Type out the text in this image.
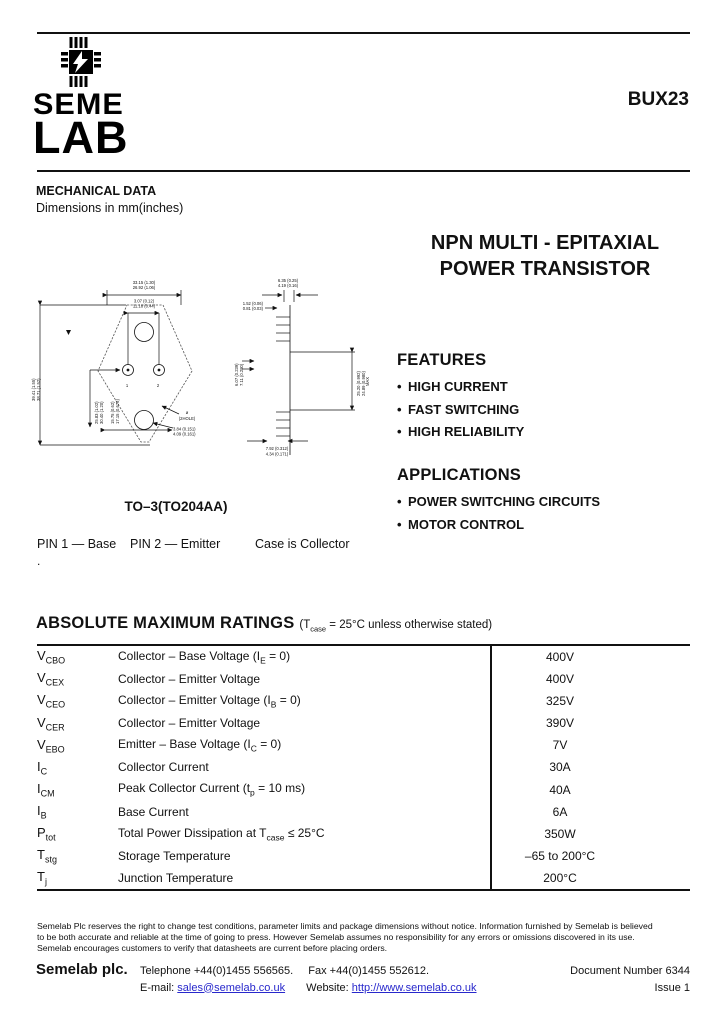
SEME
LAB
BUX23
MECHANICAL DATA
Dimensions in mm(inches)
NPN MULTI - EPITAXIAL
POWER TRANSISTOR
FEATURES
• HIGH CURRENT
• FAST SWITCHING
• HIGH RELIABILITY
APPLICATIONS
• POWER SWITCHING CIRCUITS
• MOTOR CONTROL
33.15 (1.30)
26.92 (1.06)
3.07 (0.12)
11.18 (0.44)
39.41 (1.55) 38.71 (1.52)
25.83 (1.02) 30.40 (1.20) 15.75 (0.62) 17.15 (0.675)
1	2
ø
(2HOLE)
3.84 (0.151)
4.09 (0.161)
25.20 (0.992) 24.89 (0.980) MAX
6.35 (0.25)
4.19 (0.16)
1.52 (0.06)
0.81 (0.03)
6.07 (0.239) 7.11 (0.280)
7.92 (0.312)
4.34 (0.171)
TO–3(TO204AA)
PIN 1 — Base PIN 2 — Emitter	Case is Collector
.
ABSOLUTE MAXIMUM RATINGS ($T_{case} = 25^\circ C$ unless otherwise stated)
$V_{CBO}$	Collector – Base Voltage $(I_E = 0)$	400V
$V_{CEX}$	Collector – Emitter Voltage	400V
$V_{CEO}$	Collector – Emitter Voltage $(I_B = 0)$	325V
$V_{CER}$	Collector – Emitter Voltage	390V
$V_{EBO}$	Emitter – Base Voltage $(I_C = 0)$	7V
$I_C$	Collector Current	30A
$I_{CM}$	Peak Collector Current ($t_p = 10$ ms)	40A
$I_B$	Base Current	6A
$P_{tot}$	Total Power Dissipation at $T_{case} \le 25^\circ C$	350W
$T_{stg}$	Storage Temperature	–65 to 200°C
$T_j$	Junction Temperature	200°C
Semelab Plc reserves the right to change test conditions, parameter limits and package dimensions without notice. Information furnished by Semelab is believed
to be both accurate and reliable at the time of going to press. However Semelab assumes no responsibility for any errors or omissions discovered in its use.
Semelab encourages customers to verify that datasheets are current before placing orders.
Semelab plc. Telephone +44(0)1455 556565. Fax +44(0)1455 552612.
E-mail: sales@semelab.co.uk Website: http://www.semelab.co.uk
Document Number 6344
Issue 1
